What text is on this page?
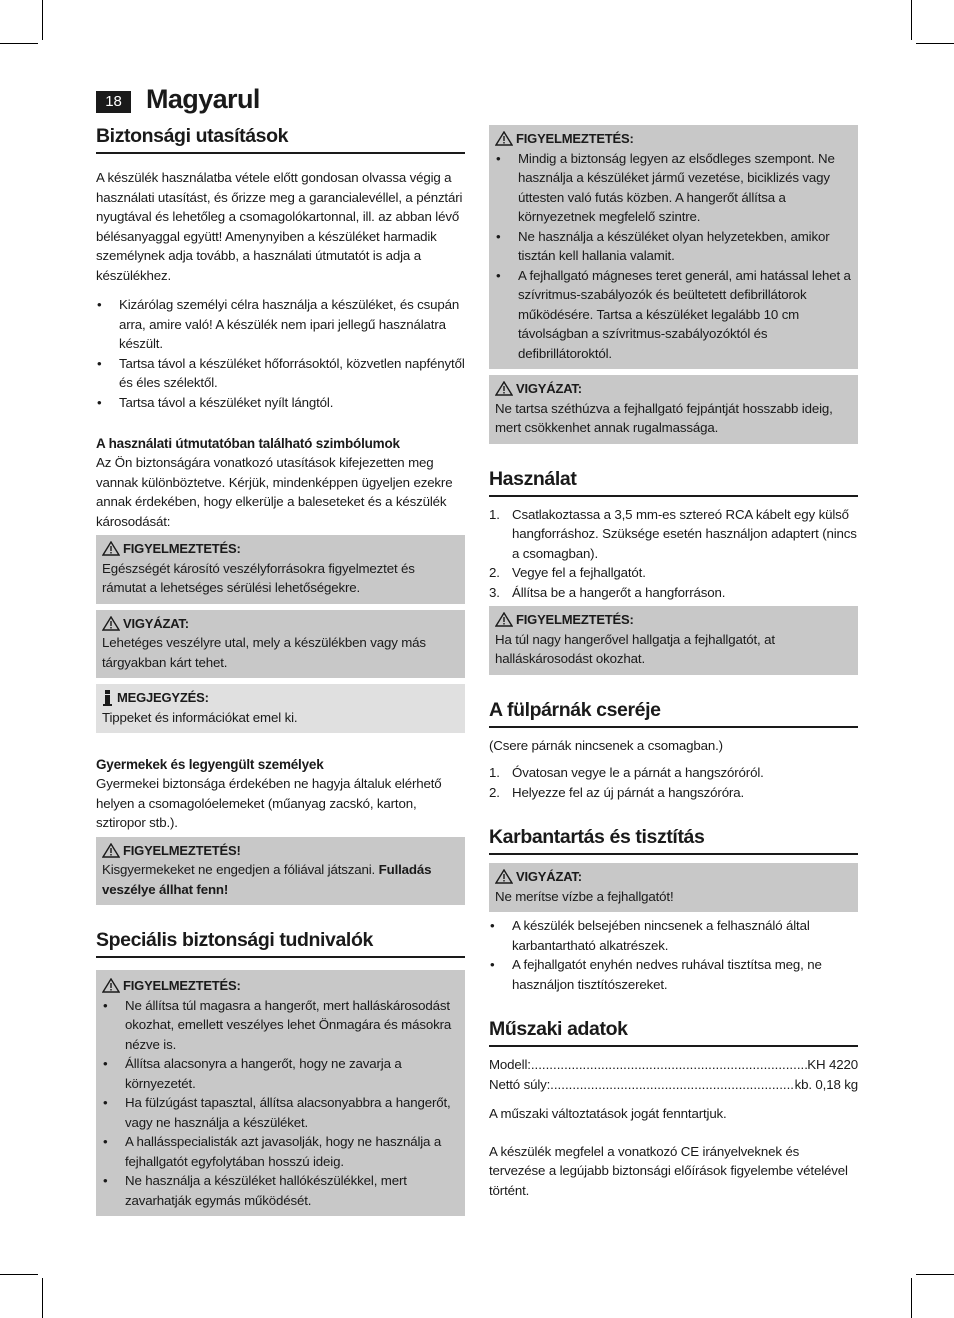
18 Magyarul
Biztonsági utasítások

A készülék használatba vétele előtt gondosan olvassa végig a használati utasítást, és őrizze meg a garancialevéllel, a pénztári nyugtával és lehetőleg a csomagolókartonnal, ill. az abban lévő bélésanyaggal együtt! Amenynyiben a készüléket harmadik személynek adja tovább, a használati útmutatót is adja a készülékhez.

• Kizárólag személyi célra használja a készüléket, és csupán arra, amire való! A készülék nem ipari jellegű használatra készült.
• Tartsa távol a készüléket hőforrásoktól, közvetlen napfénytől és éles szélektől.
• Tartsa távol a készüléket nyílt lángtól.
A használati útmutatóban található szimbólumok

Az Ön biztonságára vonatkozó utasítások kifejezetten meg vannak különböztetve. Kérjük, mindenképpen ügyeljen ezekre annak érdekében, hogy elkerülje a baleseteket és a készülék károsodását:

FIGYELMEZTETÉS:

Egészségét károsító veszélyforrásokra figyelmeztet és rámutat a lehetséges sérülési lehetőségekre.

VIGYÁZAT:

Lehetéges veszélyre utal, mely a készülékben vagy más tárgyakban kárt tehet.

MEGJEGYZÉS:

Tippeket és információkat emel ki.

Gyermekek és legyengült személyek

Gyermekei biztonsága érdekében ne hagyja általuk elérhető helyen a csomagolóelemeket (műanyag zacskó, karton, sztiropor stb.).

FIGYELMEZTETÉS!

Kisgyermekeket ne engedjen a fóliával játszani. Fulladás veszélye állhat fenn!

Speciális biztonsági tudnivalók
FIGYELMEZTETÉS:
• Ne állítsa túl magasra a hangerőt, mert halláskárosodást okozhat, emellett veszélyes lehet Önmagára és másokra nézve is.
• Állítsa alacsonyra a hangerőt, hogy ne zavarja a környezetét.
• Ha fülzúgást tapasztal, állítsa alacsonyabbra a hangerőt, vagy ne használja a készüléket.
• A hallásspecialisták azt javasolják, hogy ne használja a fejhallgatót egyfolytában hosszú ideig.
• Ne használja a készüléket hallókészülékkel, mert zavarhatják egymás működését.
FIGYELMEZTETÉS:
• Mindig a biztonság legyen az elsődleges szempont. Ne használja a készüléket jármű vezetése, biciklizés vagy úttesten való futás közben. A hangerőt állítsa a környezetnek megfelelő szintre.
• Ne használja a készüléket olyan helyzetekben, amikor tisztán kell hallania valamit.
• A fejhallgató mágneses teret generál, ami hatással lehet a szívritmus-szabályozók és beültetett defibrillátorok működésére. Tartsa a készüléket legalább 10 cm távolságban a szívritmus-szabályozóktól és defibrillátoroktól.
VIGYÁZAT:

Ne tartsa széthúzva a fejhallgató fejpántját hosszabb ideig, mert csökkenhet annak rugalmassága.

Használat
1. Csatlakoztassa a 3,5 mm-es sztereó RCA kábelt egy külső hangforráshoz. Szüksége esetén használjon adaptert (nincs a csomagban).
2. Vegye fel a fejhallgatót.
3. Állítsa be a hangerőt a hangforráson.
FIGYELMEZTETÉS:

Ha túl nagy hangerővel hallgatja a fejhallgatót, at halláskárosodást okozhat.

A fülpárnák cseréje

(Csere párnák nincsenek a csomagban.)

1. Óvatosan vegye le a párnát a hangszóróról.
2. Helyezze fel az új párnát a hangszóróra.
Karbantartás és tisztítás
VIGYÁZAT:

Ne merítse vízbe a fejhallgatót!

• A készülék belsejében nincsenek a felhasználó által karbantartható alkatrészek.
• A fejhallgatót enyhén nedves ruhával tisztítsa meg, ne használjon tisztítószereket.
Műszaki adatok
Modell: .....	KH 4220
Nettó súly: .....	kb. 0,18 kg

A műszaki változtatások jogát fenntartjuk.

A készülék megfelel a vonatkozó CE irányelveknek és tervezése a legújabb biztonsági előírások figyelembe vételével történt.
